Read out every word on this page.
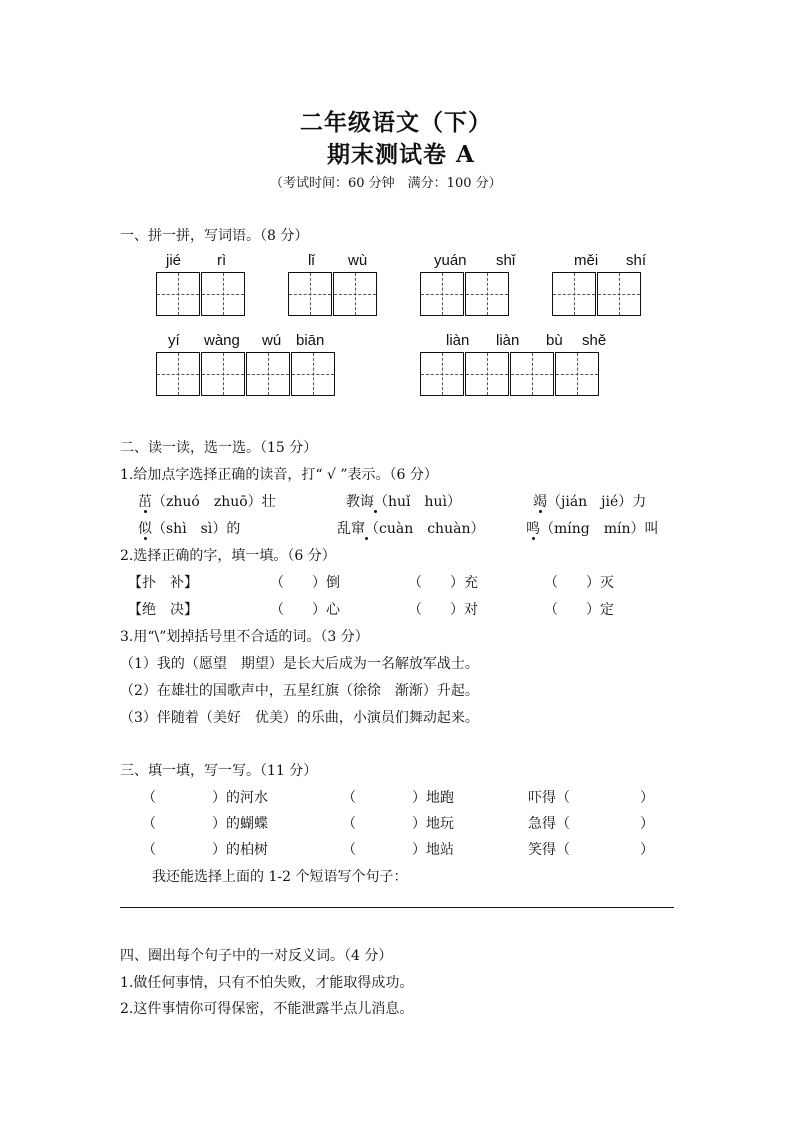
二年级语文（下）
期末测试卷 A
（考试时间：60 分钟　满分：100 分）
一、拼一拼，写词语。（8 分）
jié rì	lǐ wù	yuán shǐ	měi shí
yí wàng wú biān	liàn liàn bù shě
二、读一读，选一选。（15 分）
1.给加点字选择正确的读音，打“ √ ”表示。（6 分）
茁（zhuó　zhuō）壮	教诲（huǐ　huì）	竭（jián　jié）力
似（shì　sì）的	乱窜（cuàn　chuàn）	鸣（míng　mín）叫
2.选择正确的字，填一填。（6 分）
【扑　补】	（　　）倒	（　　）充	（　　）灭
【绝　决】	（　　）心	（　　）对	（　　）定
3.用“\”划掉括号里不合适的词。（3 分）
（1）我的（愿望　期望）是长大后成为一名解放军战士。
（2）在雄壮的国歌声中，五星红旗（徐徐　渐渐）升起。
（3）伴随着（美好　优美）的乐曲，小演员们舞动起来。
三、填一填，写一写。（11 分）
（　　　　）的河水	（　　　　）地跑	吓得（　　　　　）
（　　　　）的蝴蝶	（　　　　）地玩	急得（　　　　　）
（　　　　）的柏树	（　　　　）地站	笑得（　　　　　）
我还能选择上面的 1-2 个短语写个句子：
四、圈出每个句子中的一对反义词。（4 分）
1.做任何事情，只有不怕失败，才能取得成功。
2.这件事情你可得保密，不能泄露半点儿消息。
